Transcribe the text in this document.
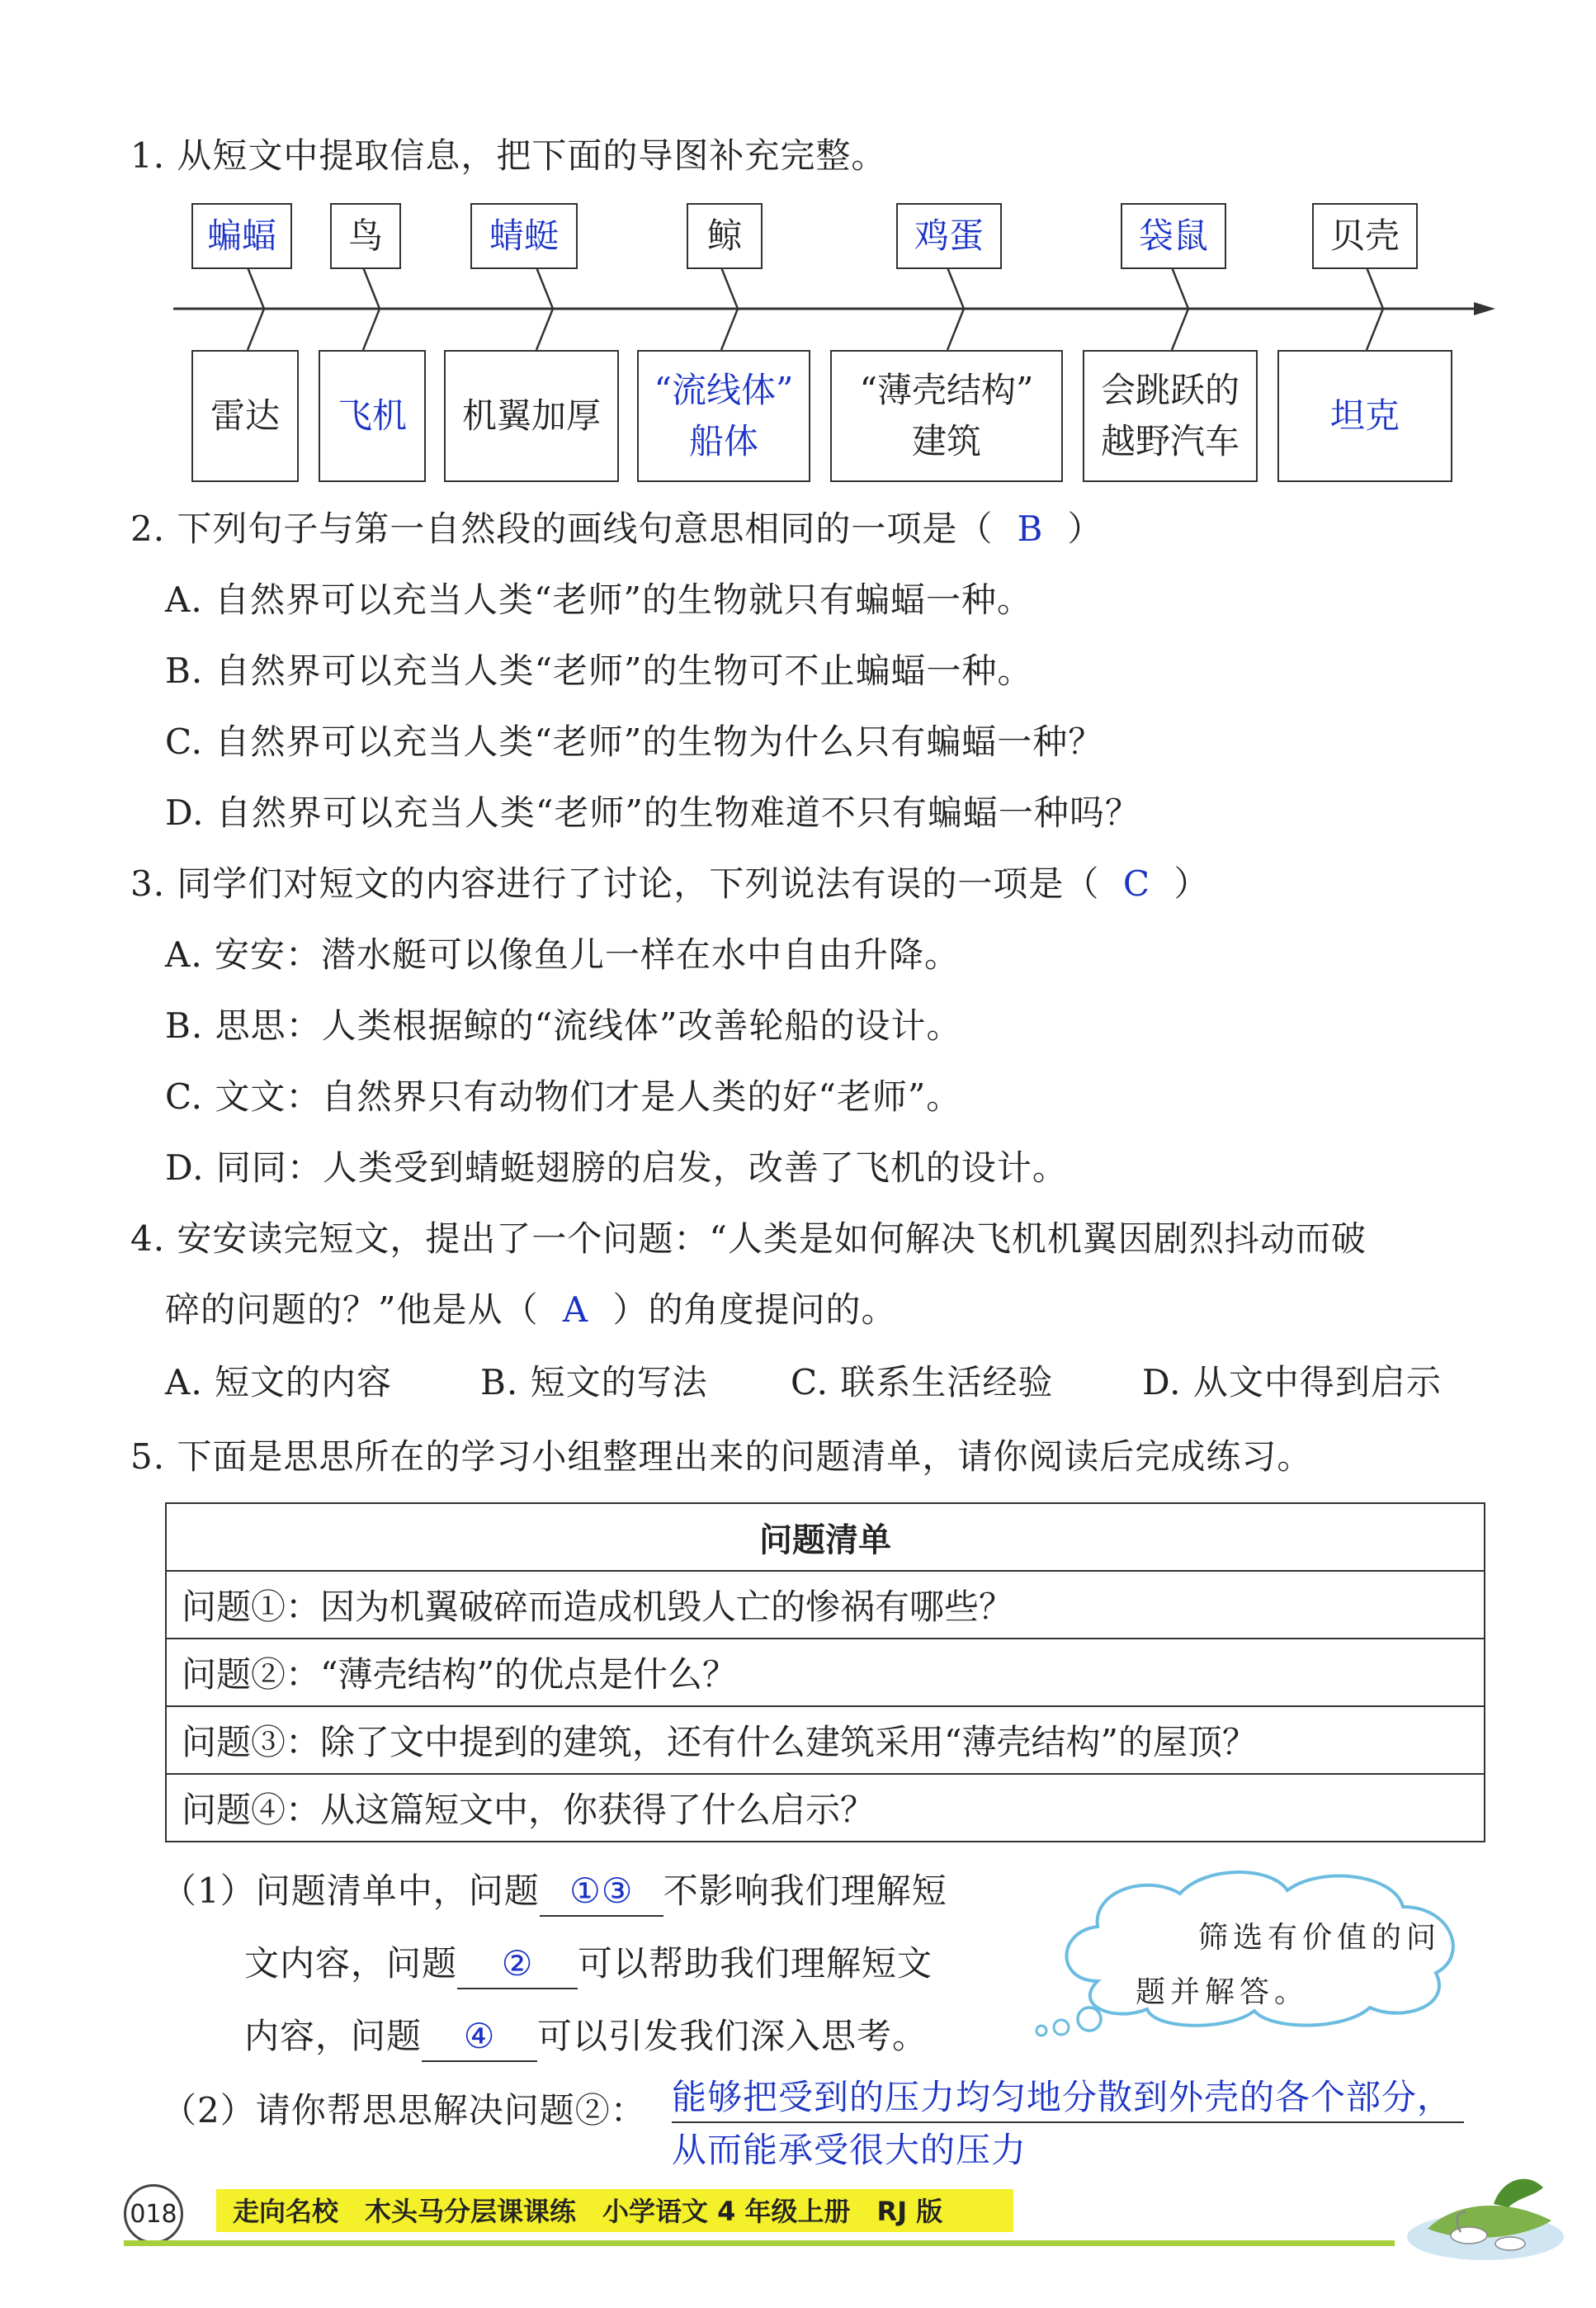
1. 从短文中提取信息，把下面的导图补充完整。
蝙蝠 鸟	蜻蜓	鲸	鸡蛋	袋鼠	贝壳
雷达 飞机 机翼加厚
“流线体”
船体
“薄壳结构”
建筑
会跳跃的
越野汽车
坦克
2. 下列句子与第一自然段的画线句意思相同的一项是（ B ）
A. 自然界可以充当人类“老师”的生物就只有蝙蝠一种。
B. 自然界可以充当人类“老师”的生物可不止蝙蝠一种。
C. 自然界可以充当人类“老师”的生物为什么只有蝙蝠一种？
D. 自然界可以充当人类“老师”的生物难道不只有蝙蝠一种吗？
3. 同学们对短文的内容进行了讨论，下列说法有误的一项是（ C ）
A. 安安：潜水艇可以像鱼儿一样在水中自由升降。
B. 思思：人类根据鲸的“流线体”改善轮船的设计。
C. 文文：自然界只有动物们才是人类的好“老师”。
D. 同同：人类受到蜻蜓翅膀的启发，改善了飞机的设计。
4. 安安读完短文，提出了一个问题：“人类是如何解决飞机机翼因剧烈抖动而破
碎的问题的？”他是从（ A ）的角度提问的。
A. 短文的内容	B. 短文的写法 C. 联系生活经验	D. 从文中得到启示
5. 下面是思思所在的学习小组整理出来的问题清单，请你阅读后完成练习。
问题清单
问题①：因为机翼破碎而造成机毁人亡的惨祸有哪些？
问题②：“薄壳结构”的优点是什么？
问题③：除了文中提到的建筑，还有什么建筑采用“薄壳结构”的屋顶？
问题④：从这篇短文中，你获得了什么启示？
（1）问题清单中，问题 ①③ 不影响我们理解短
文内容，问题 ② 可以帮助我们理解短文
内容，问题 ④ 可以引发我们深入思考。
筛选有价值的问
题并解答。
（2）请你帮思思解决问题②： 能够把受到的压力均匀地分散到外壳的各个部分，
从而能承受很大的压力
018 走向名校　木头马分层课课练　小学语文 4 年级上册　RJ 版
